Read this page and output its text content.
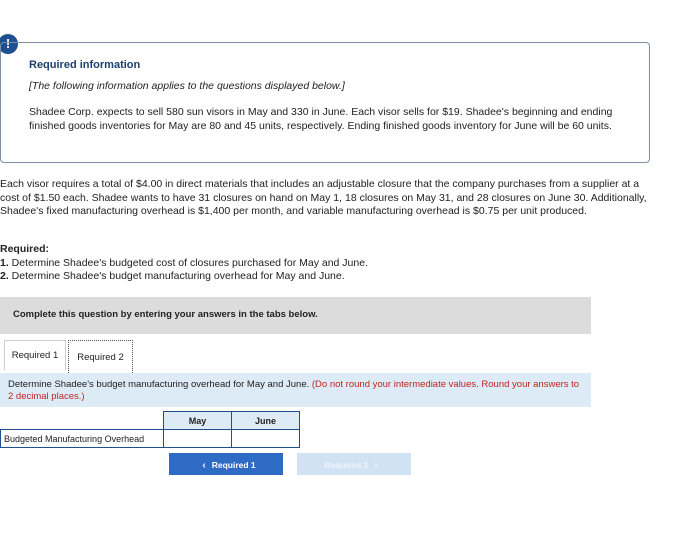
!
Required information
[The following information applies to the questions displayed below.]
Shadee Corp. expects to sell 580 sun visors in May and 330 in June. Each visor sells for $19. Shadee's beginning and ending finished goods inventories for May are 80 and 45 units, respectively. Ending finished goods inventory for June will be 60 units.
Each visor requires a total of $4.00 in direct materials that includes an adjustable closure that the company purchases from a supplier at a cost of $1.50 each. Shadee wants to have 31 closures on hand on May 1, 18 closures on May 31, and 28 closures on June 30. Additionally, Shadee's fixed manufacturing overhead is $1,400 per month, and variable manufacturing overhead is $0.75 per unit produced.
Required:
1. Determine Shadee's budgeted cost of closures purchased for May and June.
2. Determine Shadee's budget manufacturing overhead for May and June.
Complete this question by entering your answers in the tabs below.
Required 1	Required 2
Determine Shadee's budget manufacturing overhead for May and June. (Do not round your intermediate values. Round your answers to 2 decimal places.)
	May	June
Budgeted Manufacturing Overhead		
‹ Required 1	Required 2 ›
